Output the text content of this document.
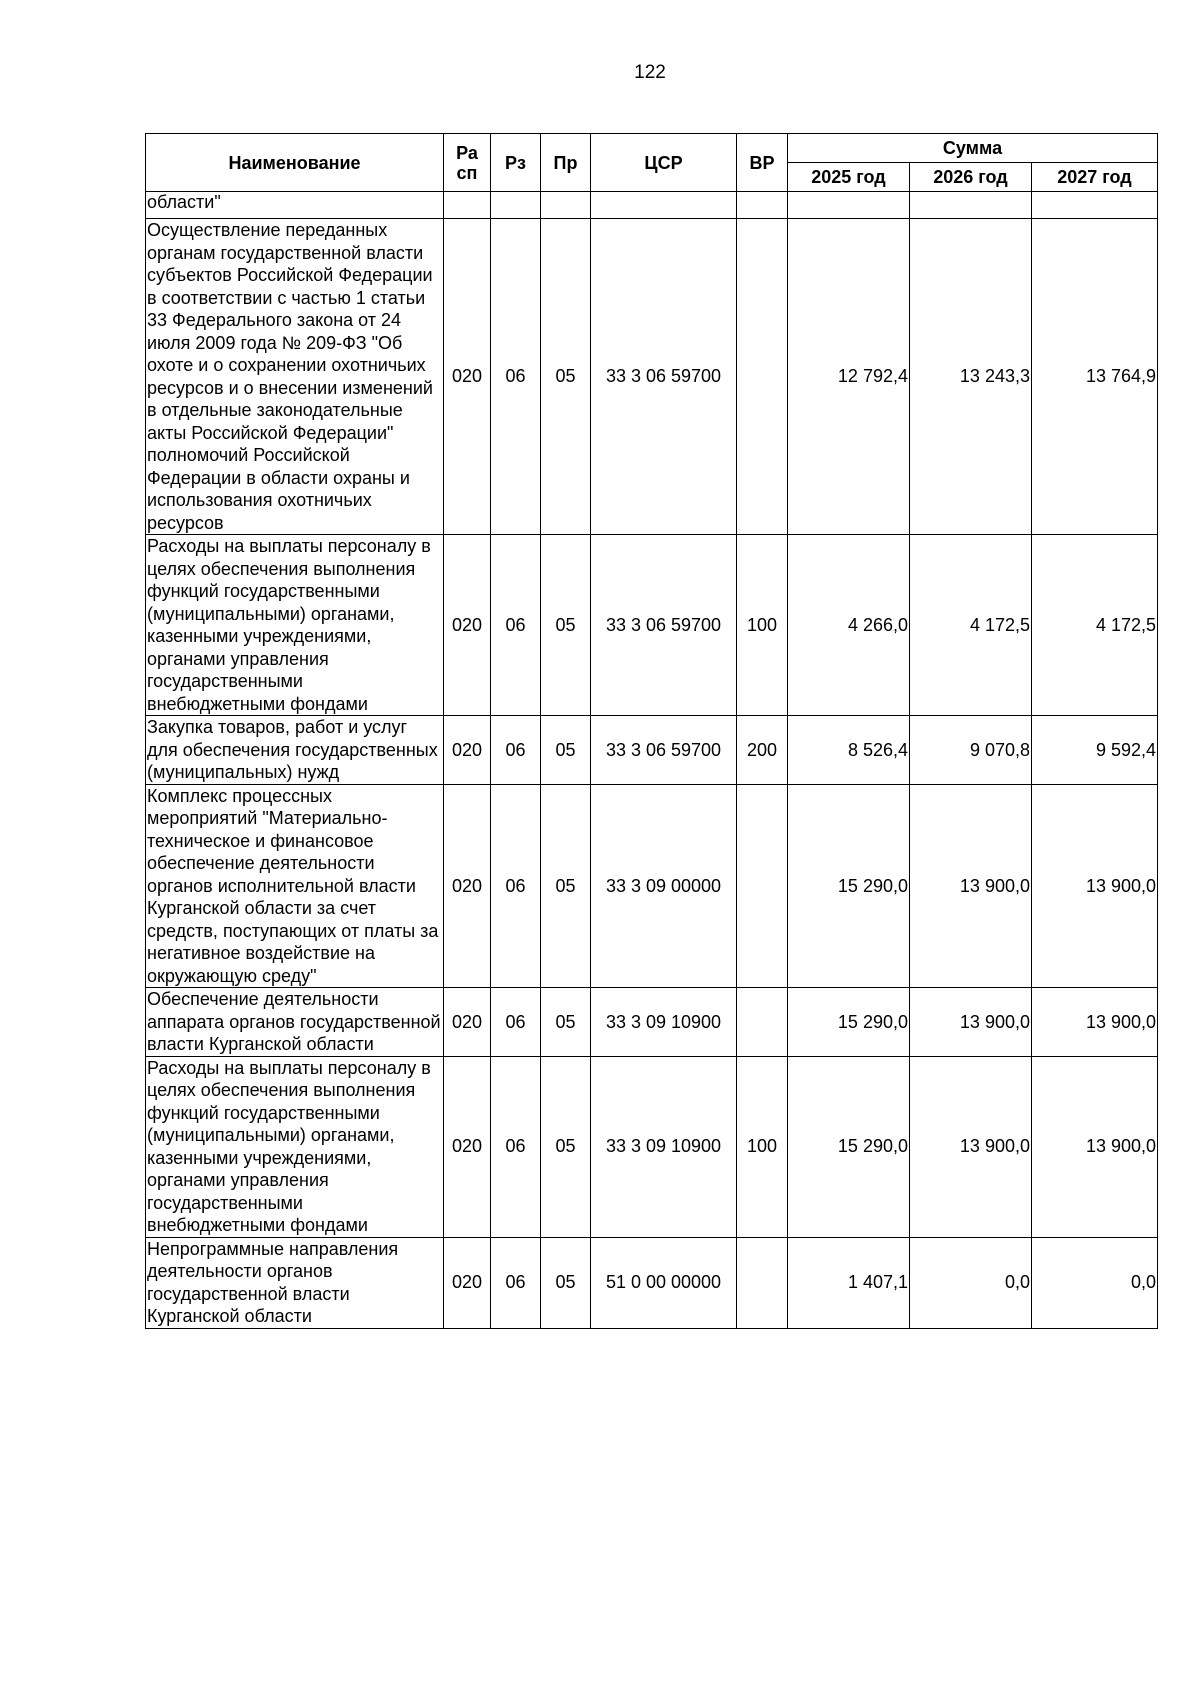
122
Наименование	Ра сп	Рз	Пр	ЦСР	ВР	Сумма		
						2025 год	2026 год	2027 год
области"								
Осуществление переданных органам государственной власти субъектов Российской Федерации в соответствии с частью 1 статьи 33 Федерального закона от 24 июля 2009 года № 209-ФЗ "Об охоте и о сохранении охотничьих ресурсов и о внесении изменений в отдельные законодательные акты Российской Федерации" полномочий Российской Федерации в области охраны и использования охотничьих ресурсов	020	06	05	33 3 06 59700		12 792,4	13 243,3	13 764,9
Расходы на выплаты персоналу в целях обеспечения выполнения функций государственными (муниципальными) органами, казенными учреждениями, органами управления государственными внебюджетными фондами	020	06	05	33 3 06 59700	100	4 266,0	4 172,5	4 172,5
Закупка товаров, работ и услуг для обеспечения государственных (муниципальных) нужд	020	06	05	33 3 06 59700	200	8 526,4	9 070,8	9 592,4
Комплекс процессных мероприятий "Материально-техническое и финансовое обеспечение деятельности органов исполнительной власти Курганской области за счет средств, поступающих от платы за негативное воздействие на окружающую среду"	020	06	05	33 3 09 00000		15 290,0	13 900,0	13 900,0
Обеспечение деятельности аппарата органов государственной власти Курганской области	020	06	05	33 3 09 10900		15 290,0	13 900,0	13 900,0
Расходы на выплаты персоналу в целях обеспечения выполнения функций государственными (муниципальными) органами, казенными учреждениями, органами управления государственными внебюджетными фондами	020	06	05	33 3 09 10900	100	15 290,0	13 900,0	13 900,0
Непрограммные направления деятельности органов государственной власти Курганской области	020	06	05	51 0 00 00000		1 407,1	0,0	0,0
